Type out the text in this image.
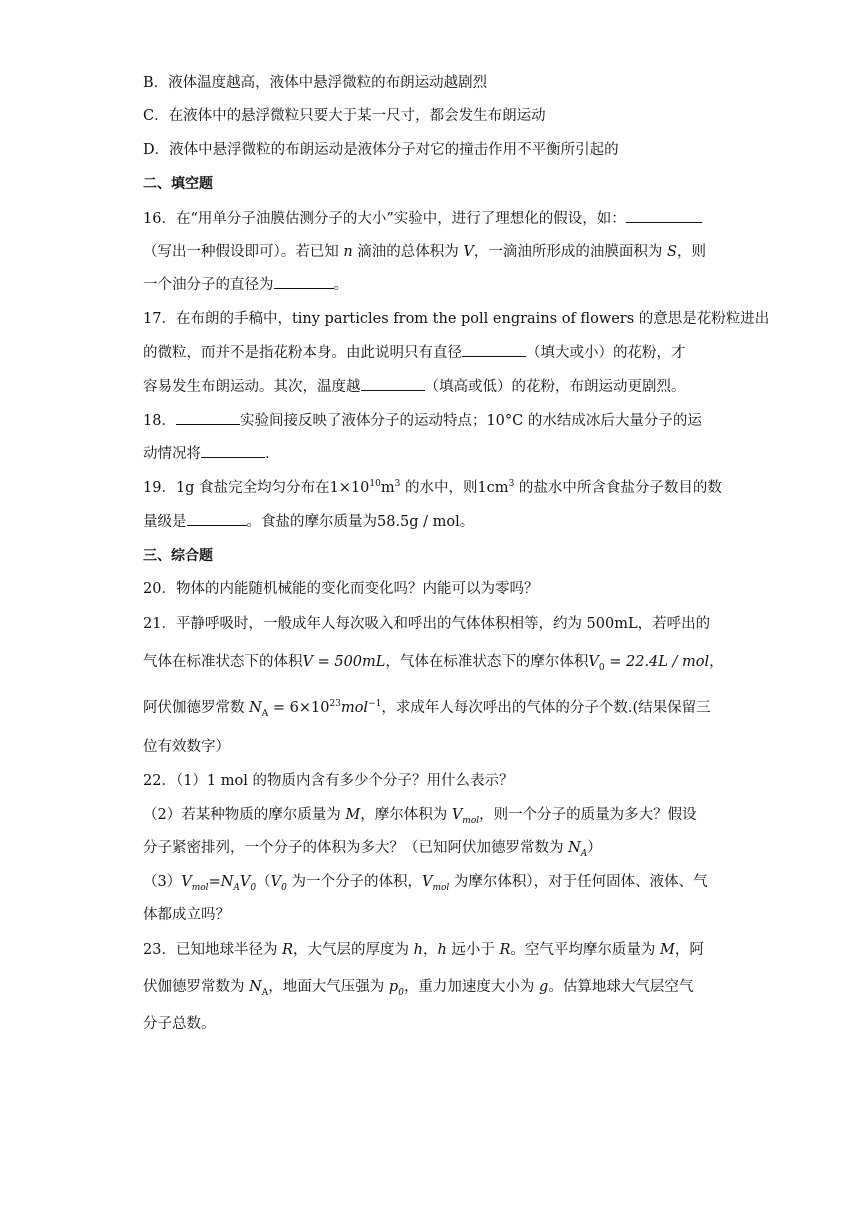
B．液体温度越高，液体中悬浮微粒的布朗运动越剧烈
C．在液体中的悬浮微粒只要大于某一尺寸，都会发生布朗运动
D．液体中悬浮微粒的布朗运动是液体分子对它的撞击作用不平衡所引起的
二、填空题
16．在“用单分子油膜估测分子的大小”实验中，进行了理想化的假设，如：
（写出一种假设即可）。若已知 n 滴油的总体积为 V，一滴油所形成的油膜面积为 S，则
一个油分子的直径为	。
17．在布朗的手稿中，tiny particles from the poll engrains of flowers 的意思是花粉粒进出
的微粒，而并不是指花粉本身。由此说明只有直径	（填大或小）的花粉，才
容易发生布朗运动。其次，温度越	（填高或低）的花粉，布朗运动更剧烈。
18．	实验间接反映了液体分子的运动特点；10°C 的水结成冰后大量分子的运
动情况将	.
19．1g 食盐完全均匀分布在$1\times 10^{10}m^3$ 的水中，则$1cm^3$ 的盐水中所含食盐分子数目的数
量级是	。食盐的摩尔质量为58.5g / mol。
三、综合题
20．物体的内能随机械能的变化而变化吗？内能可以为零吗？
21．平静呼吸时，一般成年人每次吸入和呼出的气体体积相等，约为 500mL，若呼出的
气体在标准状态下的体积V = 500mL，气体在标准状态下的摩尔体积$V_0 = 22.4L$ / mol，
阿伏伽德罗常数 $N_A = 6\times 10^{23}mol^{-1}$，求成年人每次呼出的气体的分子个数.(结果保留三
位有效数字）
22．（1）1 mol 的物质内含有多少个分子？用什么表示？
（2）若某种物质的摩尔质量为 M，摩尔体积为 $V_{mol}$，则一个分子的质量为多大？假设
分子紧密排列，一个分子的体积为多大？（已知阿伏加德罗常数为 $N_A$）
$(3)V_{mol}=N_AV_0(V_0$ 为一个分子的体积，$V_{mol}$ 为摩尔体积），对于任何固体、液体、气
体都成立吗？
23．已知地球半径为 R，大气层的厚度为 h，h 远小于 R。空气平均摩尔质量为 M，阿
伏伽德罗常数为 $N_A$，地面大气压强为 $p_0$，重力加速度大小为 g。估算地球大气层空气
分子总数。
